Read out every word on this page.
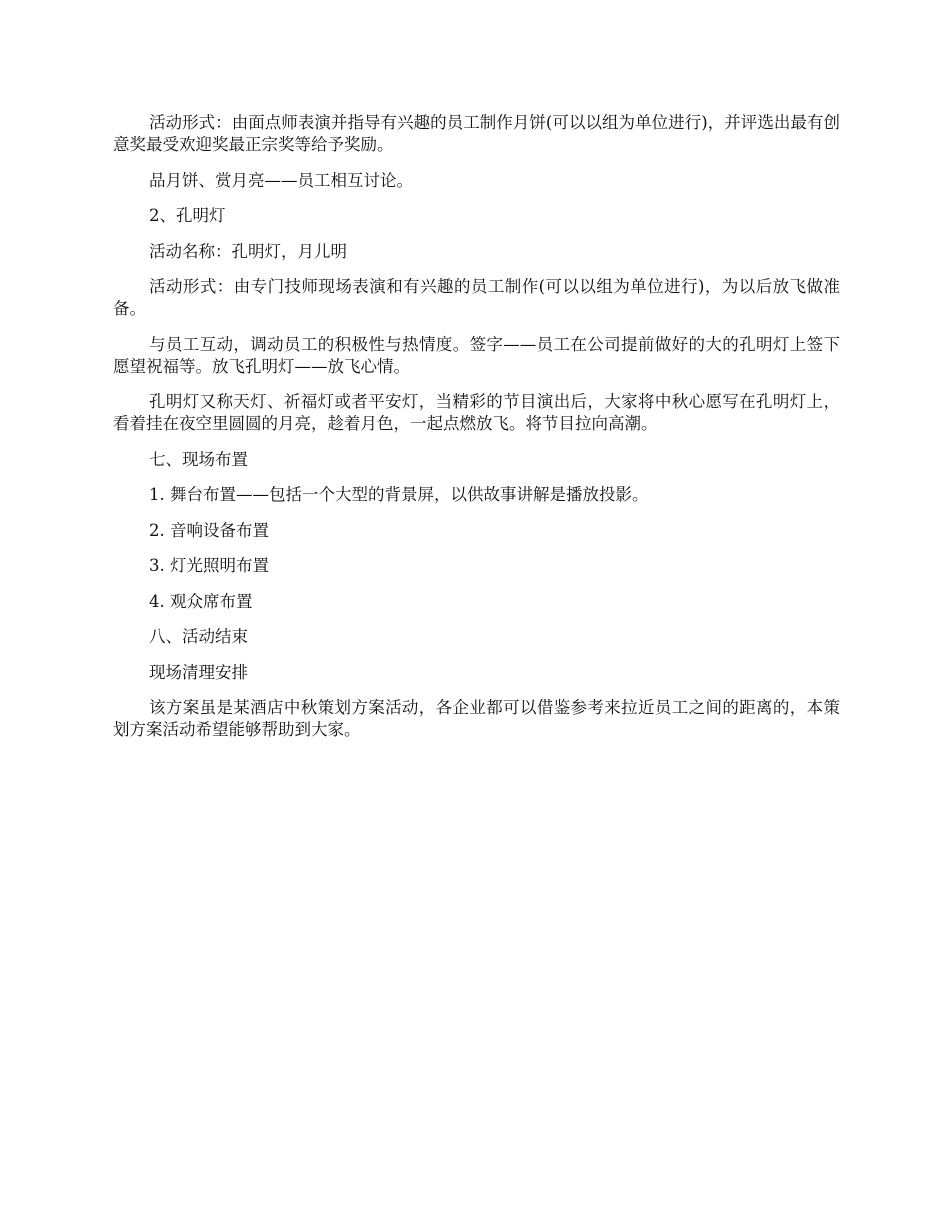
活动形式：由面点师表演并指导有兴趣的员工制作月饼(可以以组为单位进行)，并评选出最有创意奖最受欢迎奖最正宗奖等给予奖励。

品月饼、赏月亮——员工相互讨论。

2、孔明灯

活动名称：孔明灯，月儿明

活动形式：由专门技师现场表演和有兴趣的员工制作(可以以组为单位进行)，为以后放飞做准备。

与员工互动，调动员工的积极性与热情度。签字——员工在公司提前做好的大的孔明灯上签下愿望祝福等。放飞孔明灯——放飞心情。

孔明灯又称天灯、祈福灯或者平安灯，当精彩的节目演出后，大家将中秋心愿写在孔明灯上，看着挂在夜空里圆圆的月亮，趁着月色，一起点燃放飞。将节目拉向高潮。

七、现场布置

1. 舞台布置——包括一个大型的背景屏，以供故事讲解是播放投影。

2. 音响设备布置

3. 灯光照明布置

4. 观众席布置

八、活动结束

现场清理安排

该方案虽是某酒店中秋策划方案活动，各企业都可以借鉴参考来拉近员工之间的距离的，本策划方案活动希望能够帮助到大家。
